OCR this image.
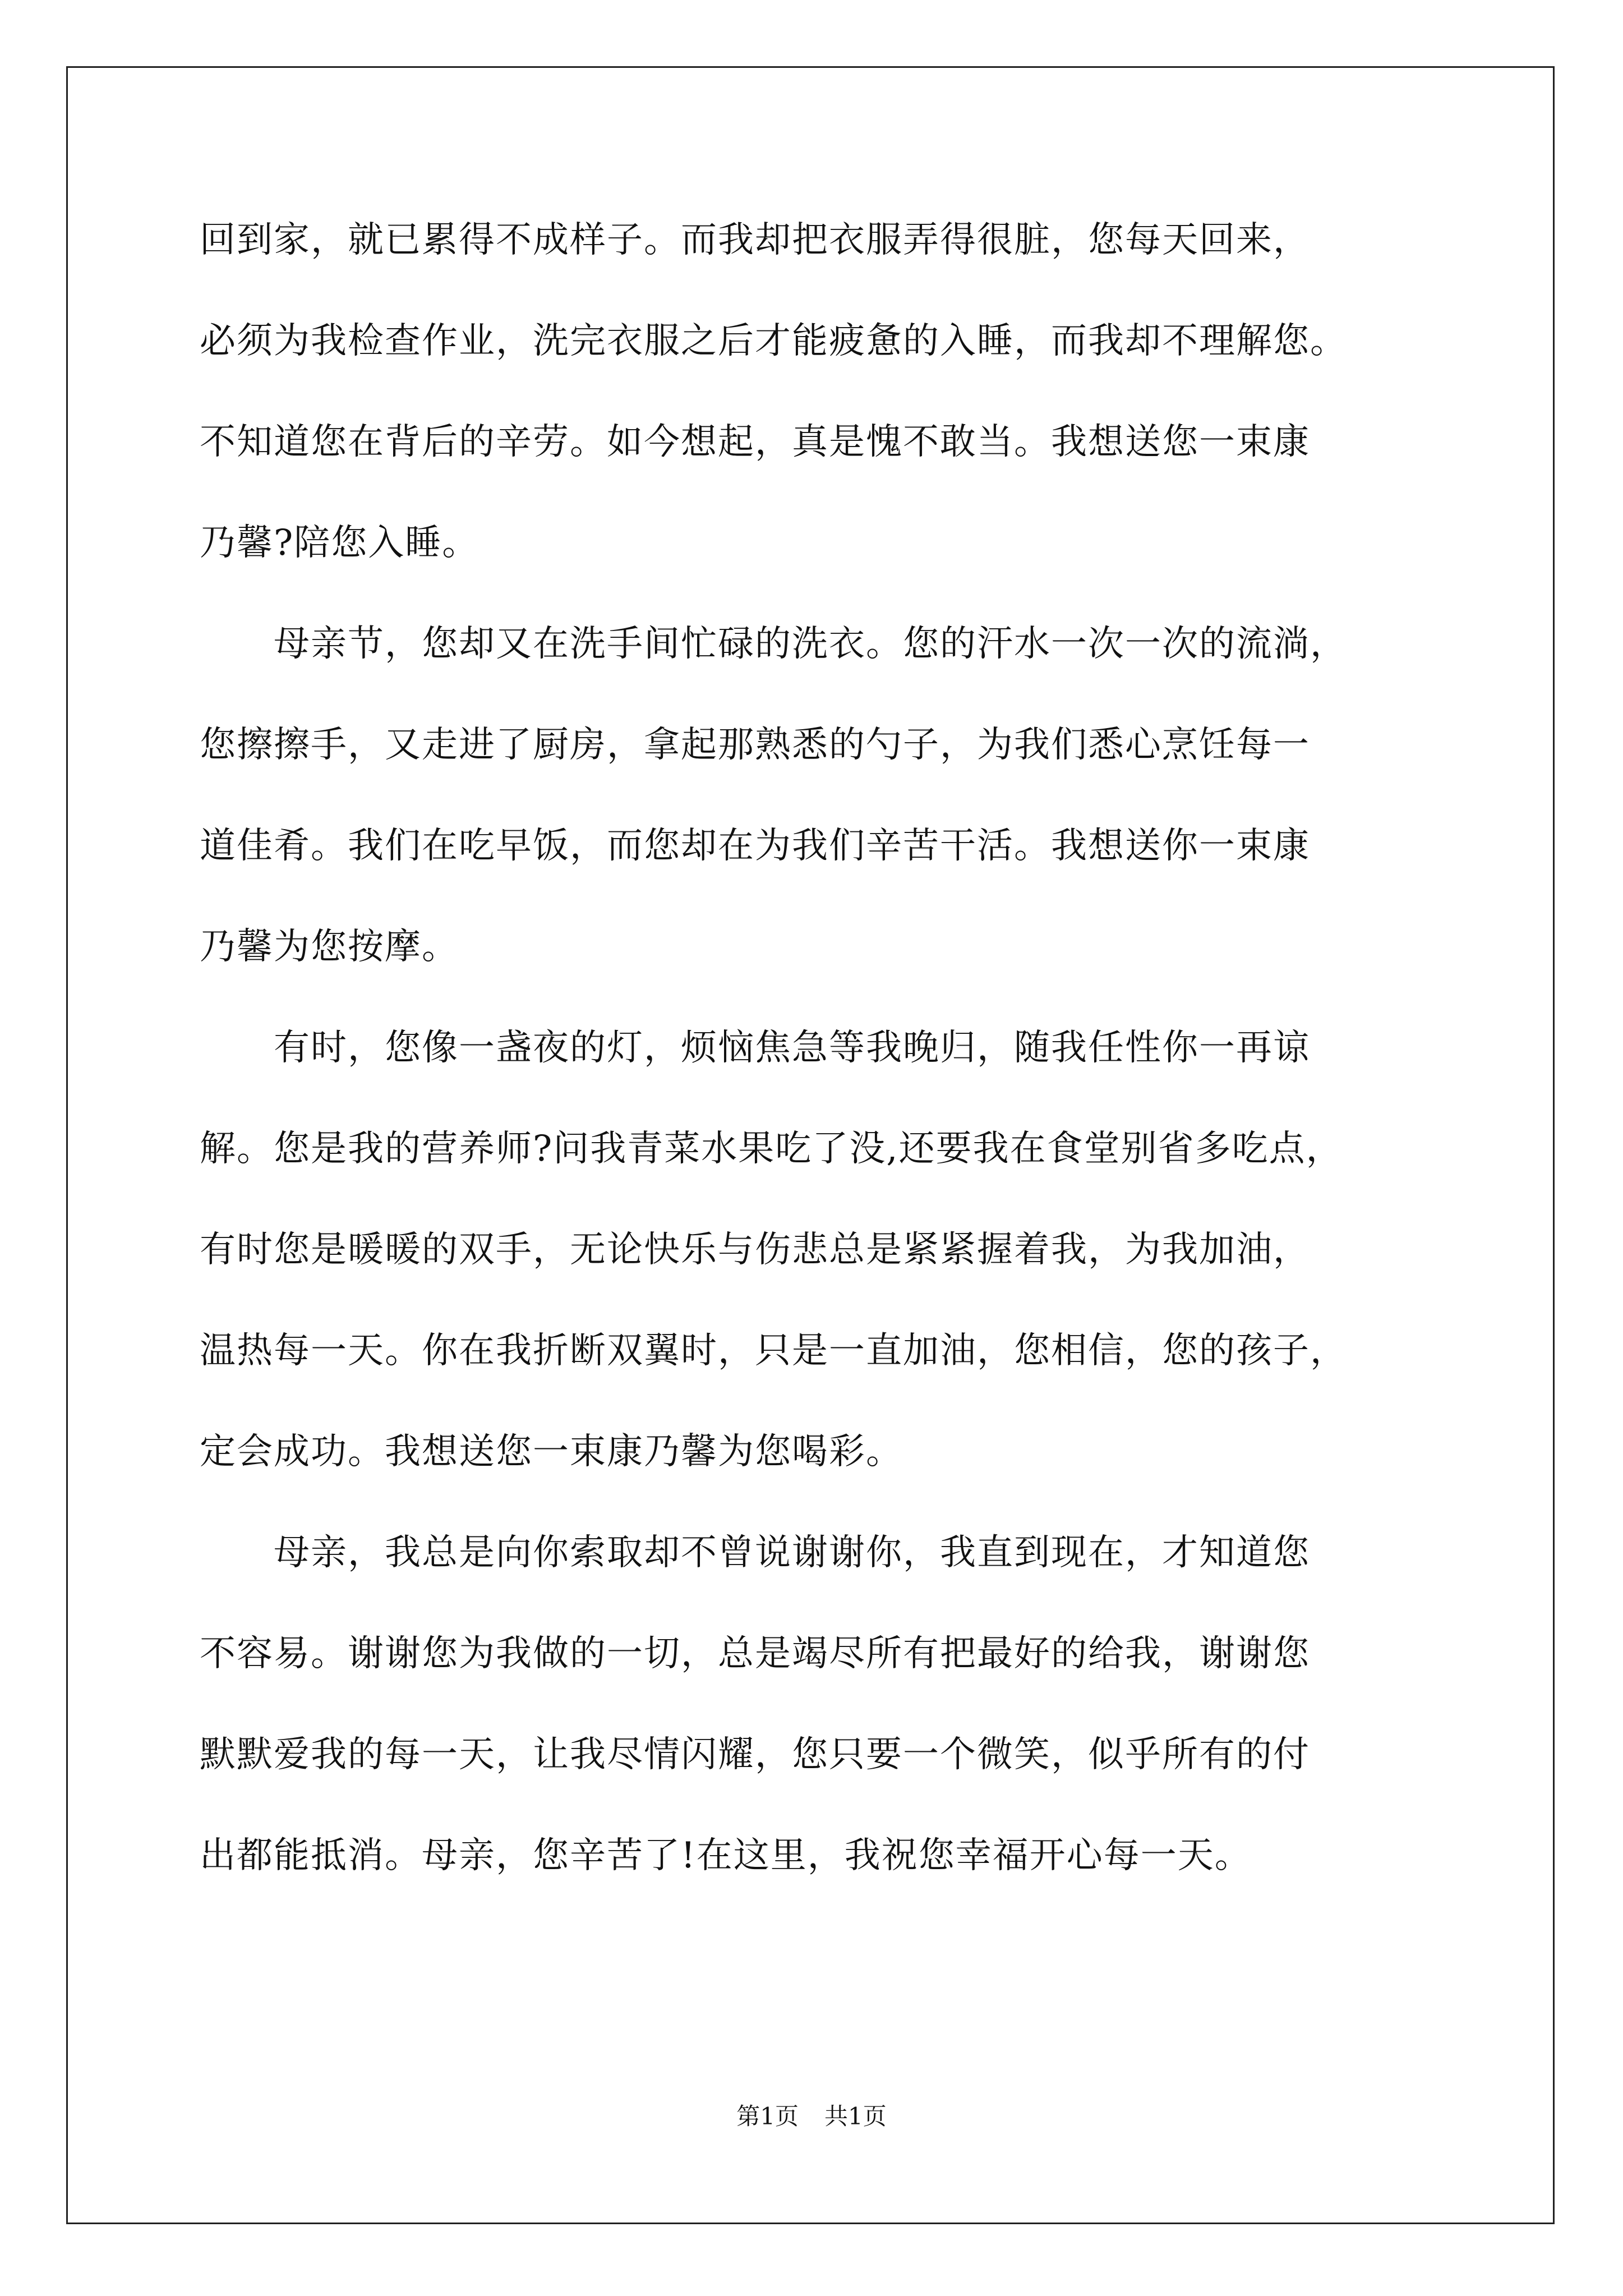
回到家，就已累得不成样子。而我却把衣服弄得很脏，您每天回来，
必须为我检查作业，洗完衣服之后才能疲惫的入睡，而我却不理解您。
不知道您在背后的辛劳。如今想起，真是愧不敢当。我想送您一束康
乃馨?陪您入睡。
　　母亲节，您却又在洗手间忙碌的洗衣。您的汗水一次一次的流淌，
您擦擦手，又走进了厨房，拿起那熟悉的勺子，为我们悉心烹饪每一
道佳肴。我们在吃早饭，而您却在为我们辛苦干活。我想送你一束康
乃馨为您按摩。
　　有时，您像一盏夜的灯，烦恼焦急等我晚归，随我任性你一再谅
解。您是我的营养师?问我青菜水果吃了没,还要我在食堂别省多吃点，
有时您是暖暖的双手，无论快乐与伤悲总是紧紧握着我，为我加油，
温热每一天。你在我折断双翼时，只是一直加油，您相信，您的孩子，
定会成功。我想送您一束康乃馨为您喝彩。
　　母亲，我总是向你索取却不曾说谢谢你，我直到现在，才知道您
不容易。谢谢您为我做的一切，总是竭尽所有把最好的给我，谢谢您
默默爱我的每一天，让我尽情闪耀，您只要一个微笑，似乎所有的付
出都能抵消。母亲，您辛苦了!在这里，我祝您幸福开心每一天。
第1页 共1页
